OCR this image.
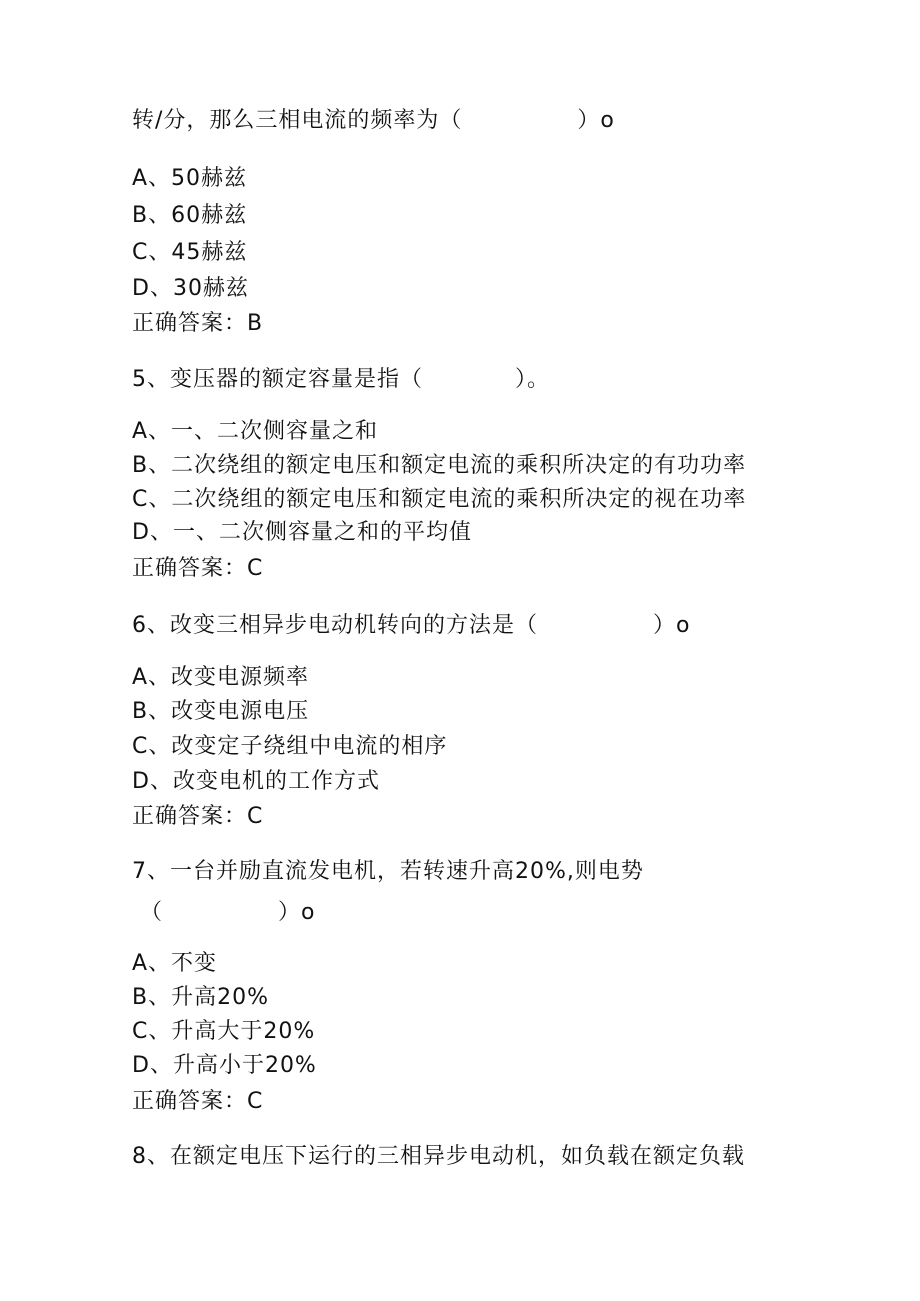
转/分，那么三相电流的频率为（　　　　　）o
A、50赫兹
B、60赫兹
C、45赫兹
D、30赫兹
正确答案：B
5、变压器的额定容量是指（　　　　）。
A、一、二次侧容量之和
B、二次绕组的额定电压和额定电流的乘积所决定的有功功率
C、二次绕组的额定电压和额定电流的乘积所决定的视在功率
D、一、二次侧容量之和的平均值
正确答案：C
6、改变三相异步电动机转向的方法是（　　　　　）o
A、改变电源频率
B、改变电源电压
C、改变定子绕组中电流的相序
D、改变电机的工作方式
正确答案：C
7、一台并励直流发电机，若转速升高20%,则电势
（　　　　　）o
A、不变
B、升高20%
C、升高大于20%
D、升高小于20%
正确答案：C
8、在额定电压下运行的三相异步电动机，如负载在额定负载
